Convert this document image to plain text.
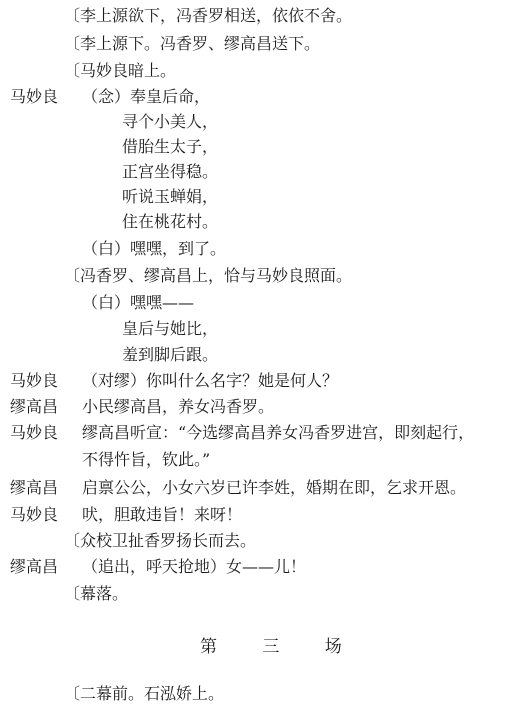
〔李上源欲下，冯香罗相送，依依不舍。
〔李上源下。冯香罗、缪高昌送下。
〔马妙良暗上。
马妙良 （念）奉皇后命，
寻个小美人，
借胎生太子，
正宫坐得稳。
听说玉蝉娟，
住在桃花村。
（白）嘿嘿，到了。
〔冯香罗、缪高昌上，恰与马妙良照面。
（白）嘿嘿——
皇后与她比，
羞到脚后跟。
马妙良 （对缪）你叫什么名字？她是何人？
缪高昌 小民缪高昌，养女冯香罗。
马妙良 缪高昌听宣：“今选缪高昌养女冯香罗进宫，即刻起行，
不得忤旨，钦此。”
缪高昌 启禀公公，小女六岁已许李姓，婚期在即，乞求开恩。
马妙良 吠，胆敢违旨！来呀！
〔众校卫扯香罗扬长而去。
缪高昌 （追出，呼天抢地）女——儿！
〔幕落。
第 三 场
〔二幕前。石泓娇上。
